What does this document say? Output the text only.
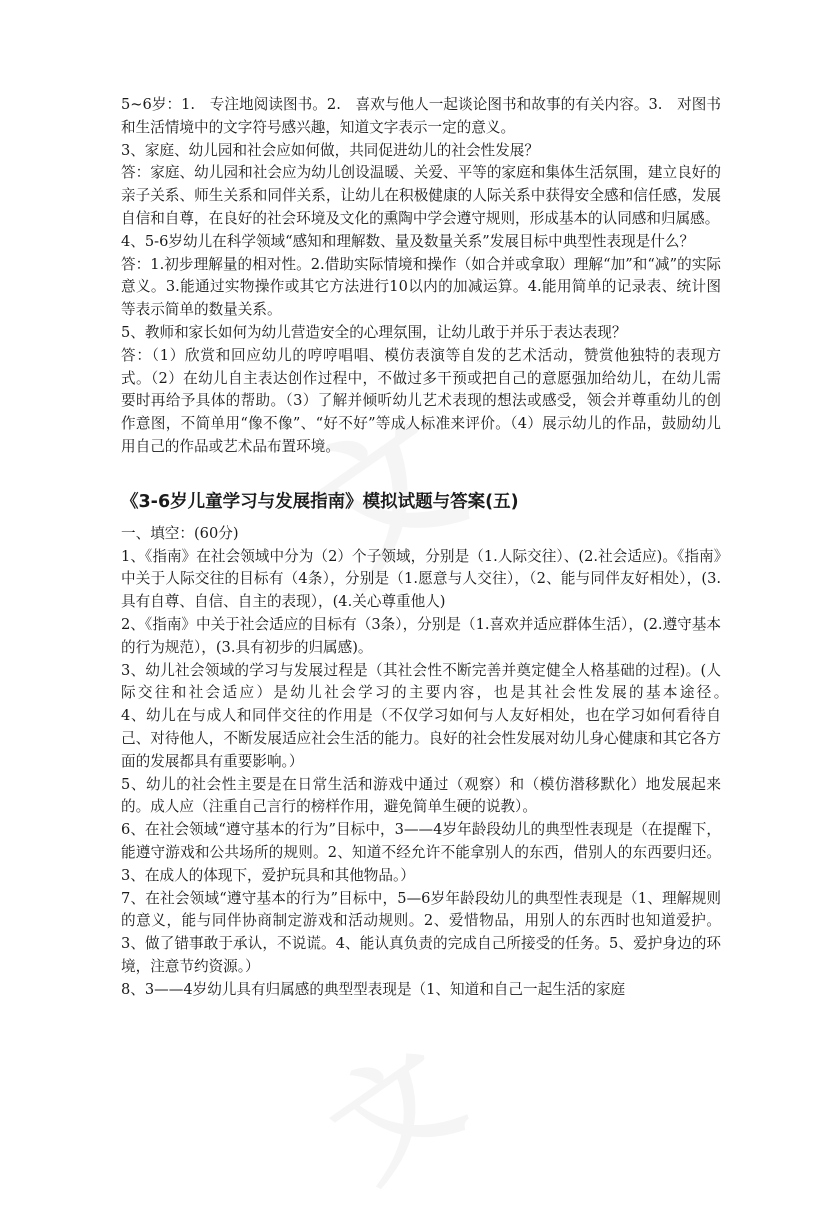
5~6岁：1.　专注地阅读图书。2.　喜欢与他人一起谈论图书和故事的有关内容。3.　对图书和生活情境中的文字符号感兴趣，知道文字表示一定的意义。

3、家庭、幼儿园和社会应如何做，共同促进幼儿的社会性发展？

答：家庭、幼儿园和社会应为幼儿创设温暖、关爱、平等的家庭和集体生活氛围，建立良好的亲子关系、师生关系和同伴关系，让幼儿在积极健康的人际关系中获得安全感和信任感，发展自信和自尊，在良好的社会环境及文化的熏陶中学会遵守规则，形成基本的认同感和归属感。

4、5-6岁幼儿在科学领域“感知和理解数、量及数量关系”发展目标中典型性表现是什么？

答：1.初步理解量的相对性。2.借助实际情境和操作（如合并或拿取）理解“加”和“减”的实际意义。3.能通过实物操作或其它方法进行10以内的加减运算。4.能用简单的记录表、统计图等表示简单的数量关系。

5、教师和家长如何为幼儿营造安全的心理氛围，让幼儿敢于并乐于表达表现？

答：（1）欣赏和回应幼儿的哼哼唱唱、模仿表演等自发的艺术活动，赞赏他独特的表现方式。（2）在幼儿自主表达创作过程中，不做过多干预或把自己的意愿强加给幼儿，在幼儿需要时再给予具体的帮助。（3）了解并倾听幼儿艺术表现的想法或感受，领会并尊重幼儿的创作意图，不简单用“像不像”、“好不好”等成人标准来评价。（4）展示幼儿的作品，鼓励幼儿用自己的作品或艺术品布置环境。

《3-6岁儿童学习与发展指南》模拟试题与答案(五)

一、填空：(60分)

1、《指南》在社会领域中分为（2）个子领域，分别是（1.人际交往）、(2.社会适应)。《指南》中关于人际交往的目标有（4条），分别是（1.愿意与人交往），（2、能与同伴友好相处），(3.具有自尊、自信、自主的表现），(4.关心尊重他人)

2、《指南》中关于社会适应的目标有（3条），分别是（1.喜欢并适应群体生活），(2.遵守基本的行为规范），(3.具有初步的归属感)。

3、幼儿社会领域的学习与发展过程是（其社会性不断完善并奠定健全人格基础的过程)。(人际交往和社会适应）是幼儿社会学习的主要内容，也是其社会性发展的基本途径。　　　　　4、幼儿在与成人和同伴交往的作用是（不仅学习如何与人友好相处，也在学习如何看待自己、对待他人，不断发展适应社会生活的能力。良好的社会性发展对幼儿身心健康和其它各方面的发展都具有重要影响。）

5、幼儿的社会性主要是在日常生活和游戏中通过（观察）和（模仿潜移默化）地发展起来的。成人应（注重自己言行的榜样作用，避免简单生硬的说教）。

6、在社会领域“遵守基本的行为”目标中，3——4岁年龄段幼儿的典型性表现是（在提醒下，能遵守游戏和公共场所的规则。2、知道不经允许不能拿别人的东西，借别人的东西要归还。3、在成人的体现下，爱护玩具和其他物品。）

7、在社会领域“遵守基本的行为”目标中，5—6岁年龄段幼儿的典型性表现是（1、理解规则的意义，能与同伴协商制定游戏和活动规则。2、爱惜物品，用别人的东西时也知道爱护。3、做了错事敢于承认，不说谎。4、能认真负责的完成自己所接受的任务。5、爱护身边的环境，注意节约资源。）

8、3——4岁幼儿具有归属感的典型型表现是（1、知道和自己一起生活的家庭
